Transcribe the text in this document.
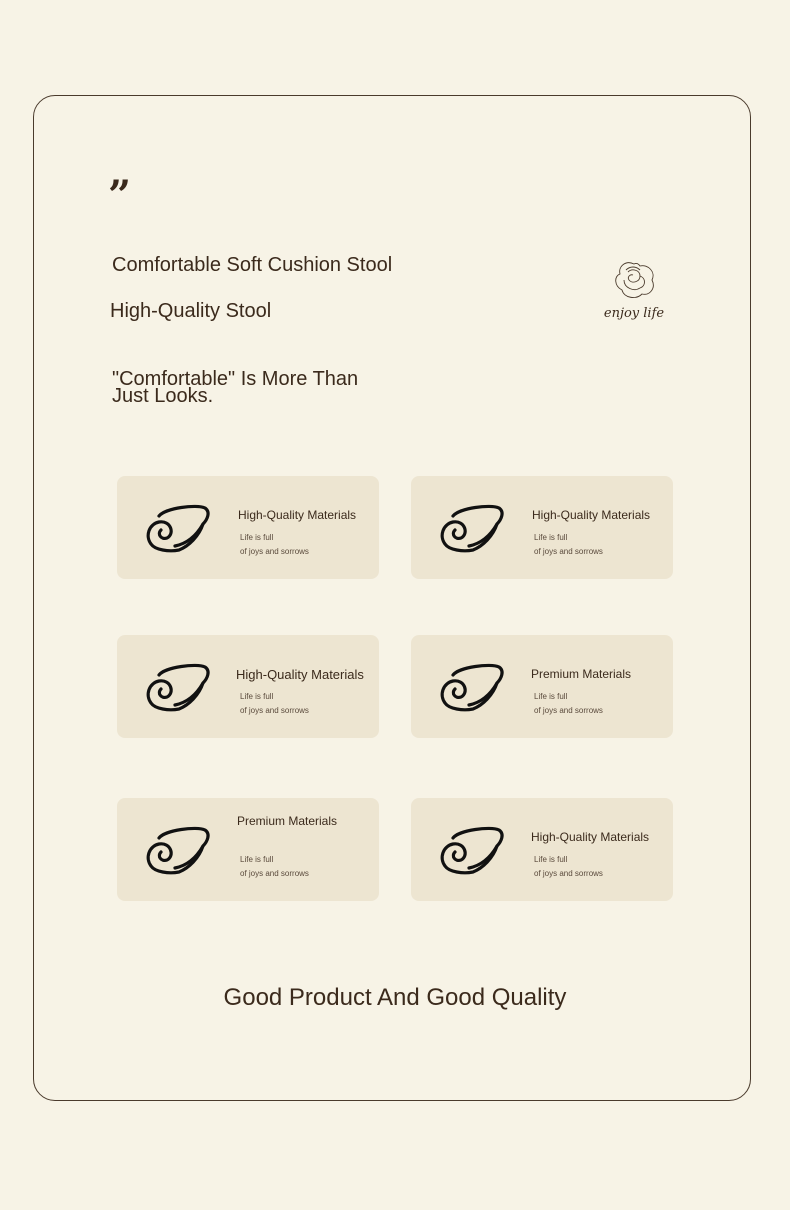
”
Comfortable Soft Cushion Stool
High-Quality Stool
"Comfortable" Is More Than Just Looks.
enjoy life
High-Quality Materials
Life is full
of joys and sorrows
High-Quality Materials
Life is full
of joys and sorrows
High-Quality Materials
Life is full
of joys and sorrows
Premium Materials
Life is full
of joys and sorrows
Premium Materials
Life is full
of joys and sorrows
High-Quality Materials
Life is full
of joys and sorrows
Good Product And Good Quality
